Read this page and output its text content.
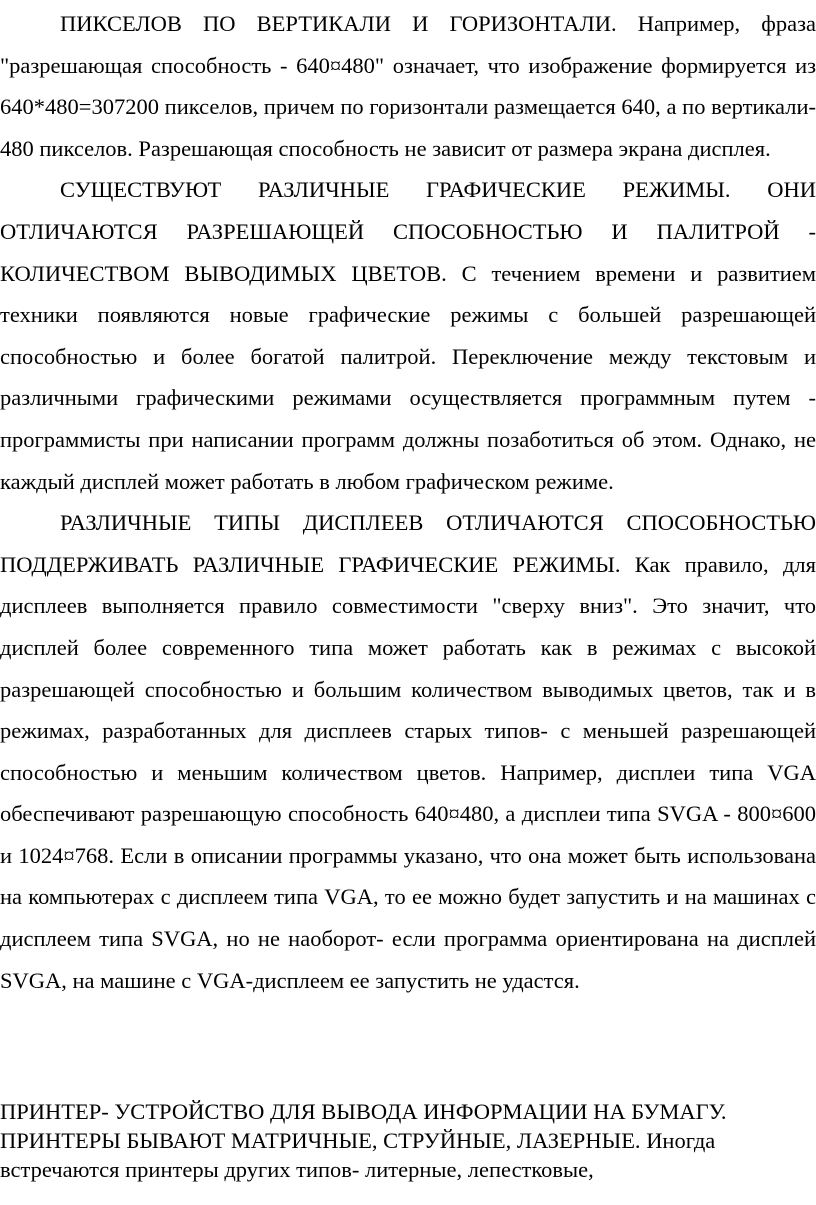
ПИКСЕЛОВ ПО ВЕРТИКАЛИ И ГОРИЗОНТАЛИ. Например, фраза "разрешающая способность - 640¤480" означает, что изображение формируется из 640*480=307200 пикселов, причем по горизонтали размещается 640, а по вертикали- 480 пикселов. Разрешающая способность не зависит от размера экрана дисплея.

СУЩЕСТВУЮТ РАЗЛИЧНЫЕ ГРАФИЧЕСКИЕ РЕЖИМЫ. ОНИ ОТЛИЧАЮТСЯ РАЗРЕШАЮЩЕЙ СПОСОБНОСТЬЮ И ПАЛИТРОЙ - КОЛИЧЕСТВОМ ВЫВОДИМЫХ ЦВЕТОВ. С течением времени и развитием техники появляются новые графические режимы с большей разрешающей способностью и более богатой палитрой. Переключение между текстовым и различными графическими режимами осуществляется программным путем - программисты при написании программ должны позаботиться об этом. Однако, не каждый дисплей может работать в любом графическом режиме.

РАЗЛИЧНЫЕ ТИПЫ ДИСПЛЕЕВ ОТЛИЧАЮТСЯ СПОСОБНОСТЬЮ ПОДДЕРЖИВАТЬ РАЗЛИЧНЫЕ ГРАФИЧЕСКИЕ РЕЖИМЫ. Как правило, для дисплеев выполняется правило совместимости "сверху вниз". Это значит, что дисплей более современного типа может работать как в режимах с высокой разрешающей способностью и большим количеством выводимых цветов, так и в режимах, разработанных для дисплеев старых типов- с меньшей разрешающей способностью и меньшим количеством цветов. Например, дисплеи типа VGA обеспечивают разрешающую способность 640¤480, а дисплеи типа SVGA - 800¤600 и 1024¤768. Если в описании программы указано, что она может быть использована на компьютерах с дисплеем типа VGA, то ее можно будет запустить и на машинах с дисплеем типа SVGA, но не наоборот- если программа ориентирована на дисплей SVGA, на машине с VGA-дисплеем ее запустить не удастся.

ПРИНТЕР- УСТРОЙСТВО ДЛЯ ВЫВОДА ИНФОРМАЦИИ НА БУМАГУ. ПРИНТЕРЫ БЫВАЮТ МАТРИЧНЫЕ, СТРУЙНЫЕ, ЛАЗЕРНЫЕ. Иногда встречаются принтеры других типов- литерные, лепестковые,
